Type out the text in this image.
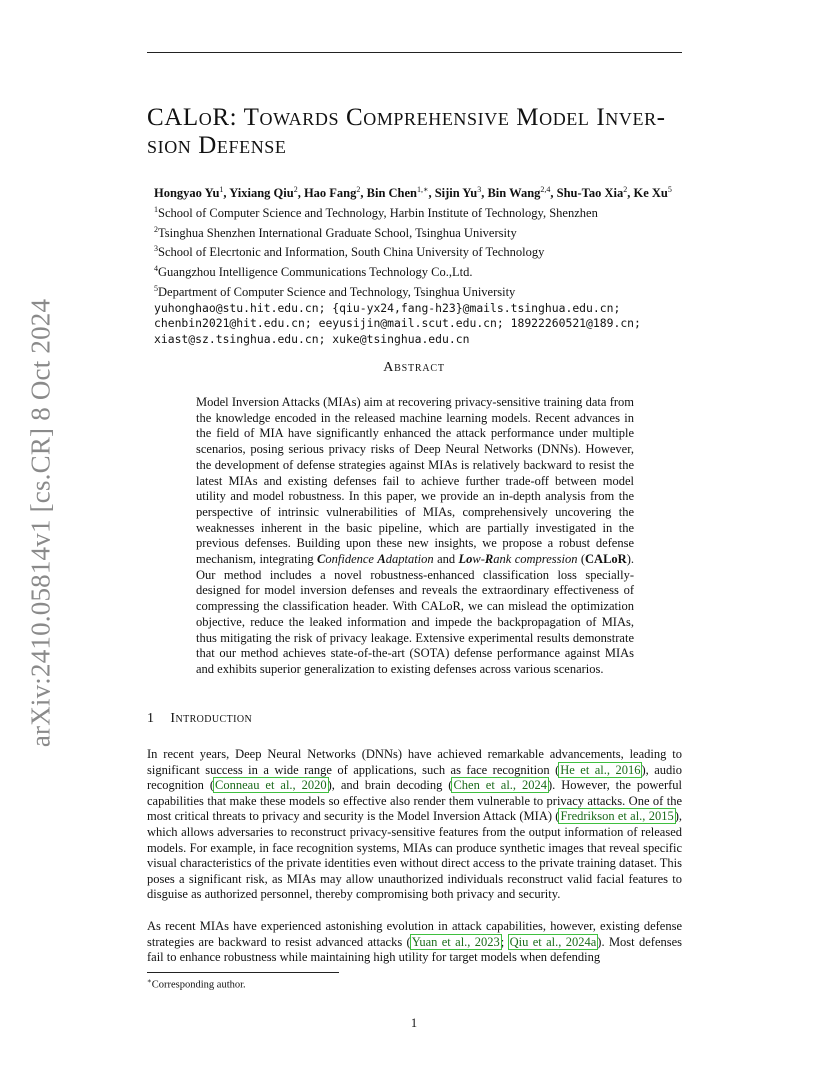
arXiv:2410.05814v1 [cs.CR] 8 Oct 2024
CALoR: Towards Comprehensive Model Inver-
sion Defense
Hongyao Yu$^1$, Yixiang Qiu$^2$, Hao Fang$^2$, Bin Chen$^{1,∗}$, Sijin Yu$^3$, Bin Wang$^{2,4}$, Shu-Tao Xia$^2$, Ke Xu$^5$
$^1$School of Computer Science and Technology, Harbin Institute of Technology, Shenzhen
$^2$Tsinghua Shenzhen International Graduate School, Tsinghua University
$^3$School of Elecrtonic and Information, South China University of Technology
$^4$Guangzhou Intelligence Communications Technology Co.,Ltd.
$^5$Department of Computer Science and Technology, Tsinghua University
yuhonghao@stu.hit.edu.cn; {qiu-yx24,fang-h23}@mails.tsinghua.edu.cn;
chenbin2021@hit.edu.cn; eeyusijin@mail.scut.edu.cn; 18922260521@189.cn;
xiast@sz.tsinghua.edu.cn; xuke@tsinghua.edu.cn
Abstract
Model Inversion Attacks (MIAs) aim at recovering privacy-sensitive training data from the knowledge encoded in the released machine learning models. Recent advances in the field of MIA have significantly enhanced the attack performance under multiple scenarios, posing serious privacy risks of Deep Neural Networks (DNNs). However, the development of defense strategies against MIAs is relatively backward to resist the latest MIAs and existing defenses fail to achieve further trade-off between model utility and model robustness. In this paper, we provide an in-depth analysis from the perspective of intrinsic vulnerabilities of MIAs, comprehensively uncovering the weaknesses inherent in the basic pipeline, which are partially investigated in the previous defenses. Building upon these new insights, we propose a robust defense mechanism, integrating Confidence Adaptation and Low-Rank compression (CALoR). Our method includes a novel robustness-enhanced classification loss specially-designed for model inversion defenses and reveals the extraordinary effectiveness of compressing the classification header. With CALoR, we can mislead the optimization objective, reduce the leaked information and impede the backpropagation of MIAs, thus mitigating the risk of privacy leakage. Extensive experimental results demonstrate that our method achieves state-of-the-art (SOTA) defense performance against MIAs and exhibits superior generalization to existing defenses across various scenarios.
1 Introduction
In recent years, Deep Neural Networks (DNNs) have achieved remarkable advancements, leading to significant success in a wide range of applications, such as face recognition (He et al., 2016), audio recognition (Conneau et al., 2020), and brain decoding (Chen et al., 2024). However, the powerful capabilities that make these models so effective also render them vulnerable to privacy attacks. One of the most critical threats to privacy and security is the Model Inversion Attack (MIA) (Fredrikson et al., 2015), which allows adversaries to reconstruct privacy-sensitive features from the output information of released models. For example, in face recognition systems, MIAs can produce synthetic images that reveal specific visual characteristics of the private identities even without direct access to the private training dataset. This poses a significant risk, as MIAs may allow unauthorized individuals reconstruct valid facial features to disguise as authorized personnel, thereby compromising both privacy and security.
As recent MIAs have experienced astonishing evolution in attack capabilities, however, existing defense strategies are backward to resist advanced attacks (Yuan et al., 2023; Qiu et al., 2024a). Most defenses fail to enhance robustness while maintaining high utility for target models when defending
∗Corresponding author.
1
